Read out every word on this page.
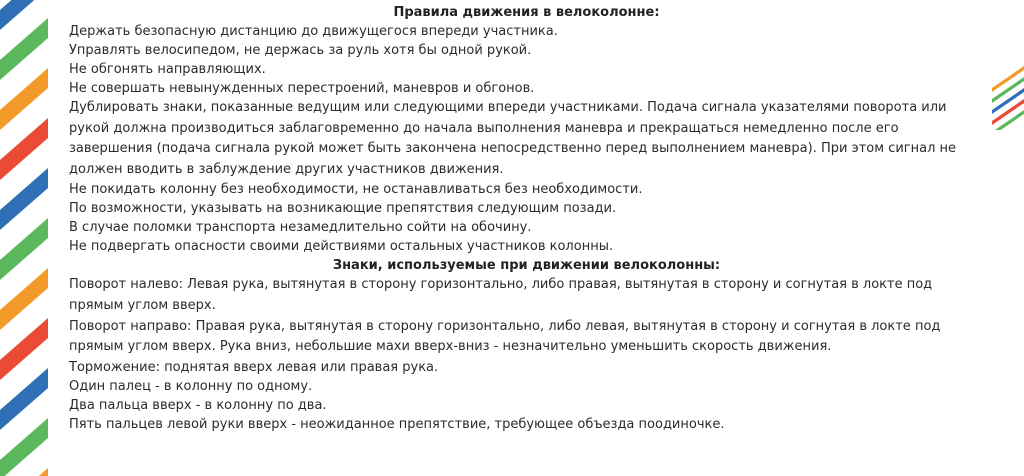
Правила движения в велоколонне:
Держать безопасную дистанцию до движущегося впереди участника.
Управлять велосипедом, не держась за руль хотя бы одной рукой.
Не обгонять направляющих.
Не совершать невынужденных перестроений, маневров и обгонов.
Дублировать знаки, показанные ведущим или следующими впереди участниками. Подача сигнала указателями поворота или рукой должна производиться заблаговременно до начала выполнения маневра и прекращаться немедленно после его завершения (подача сигнала рукой может быть закончена непосредственно перед выполнением маневра). При этом сигнал не должен вводить в заблуждение других участников движения.
Не покидать колонну без необходимости, не останавливаться без необходимости.
По возможности, указывать на возникающие препятствия следующим позади.
В случае поломки транспорта незамедлительно сойти на обочину.
Не подвергать опасности своими действиями остальных участников колонны.
Знаки, используемые при движении велоколонны:
Поворот налево: Левая рука, вытянутая в сторону горизонтально, либо правая, вытянутая в сторону и согнутая в локте под прямым углом вверх.
Поворот направо: Правая рука, вытянутая в сторону горизонтально, либо левая, вытянутая в сторону и согнутая в локте под прямым углом вверх. Рука вниз, небольшие махи вверх-вниз - незначительно уменьшить скорость движения.
Торможение: поднятая вверх левая или правая рука.
Один палец - в колонну по одному.
Два пальца вверх - в колонну по два.
Пять пальцев левой руки вверх - неожиданное препятствие, требующее объезда поодиночке.
